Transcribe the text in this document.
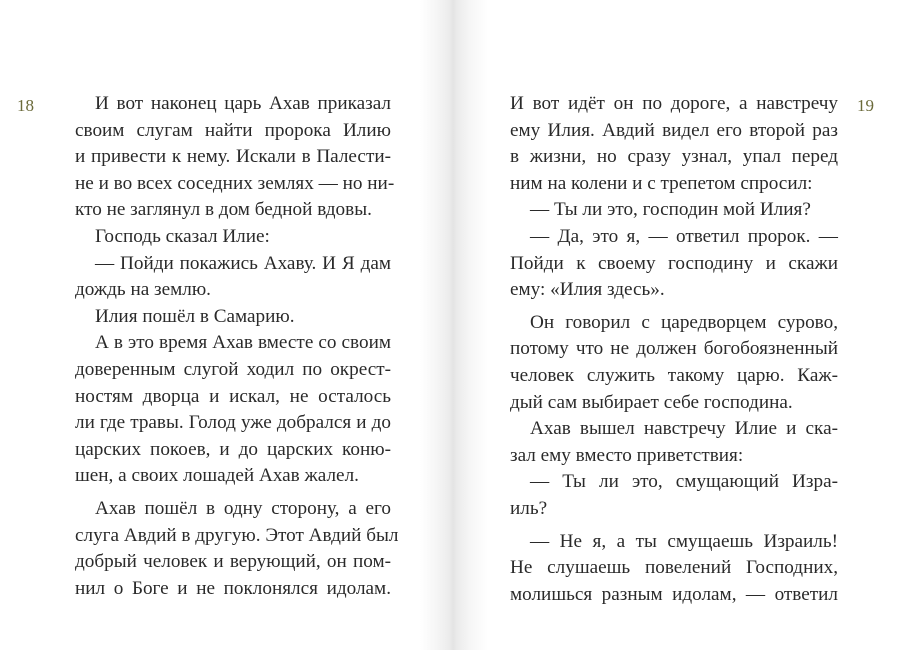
18	И вот наконец царь Ахав приказал
своим слугам найти пророка Илию
и привести к нему. Искали в Палести-
не и во всех соседних землях — но ни-
кто не заглянул в дом бедной вдовы.
Господь сказал Илие:
— Пойди покажись Ахаву. И Я дам
дождь на землю.
Илия пошёл в Самарию.
А в это время Ахав вместе со своим
доверенным слугой ходил по окрест-
ностям дворца и искал, не осталось
ли где травы. Голод уже добрался и до
царских покоев, и до царских коню-
шен, а своих лошадей Ахав жалел.
Ахав пошёл в одну сторону, а его
слуга Авдий в другую. Этот Авдий был
добрый человек и верующий, он пом-
нил о Боге и не поклонялся идолам.
19
И вот идёт он по дороге, а навстречу
ему Илия. Авдий видел его второй раз
в жизни, но сразу узнал, упал перед
ним на колени и с трепетом спросил:
— Ты ли это, господин мой Илия?
— Да, это я, — ответил пророк. —
Пойди к своему господину и скажи
ему: «Илия здесь».
Он говорил с царедворцем сурово,
потому что не должен богобоязненный
человек служить такому царю. Каж-
дый сам выбирает себе господина.
Ахав вышел навстречу Илие и ска-
зал ему вместо приветствия:
— Ты ли это, смущающий Изра-
иль?
— Не я, а ты смущаешь Израиль!
Не слушаешь повелений Господних,
молишься разным идолам, — ответил
